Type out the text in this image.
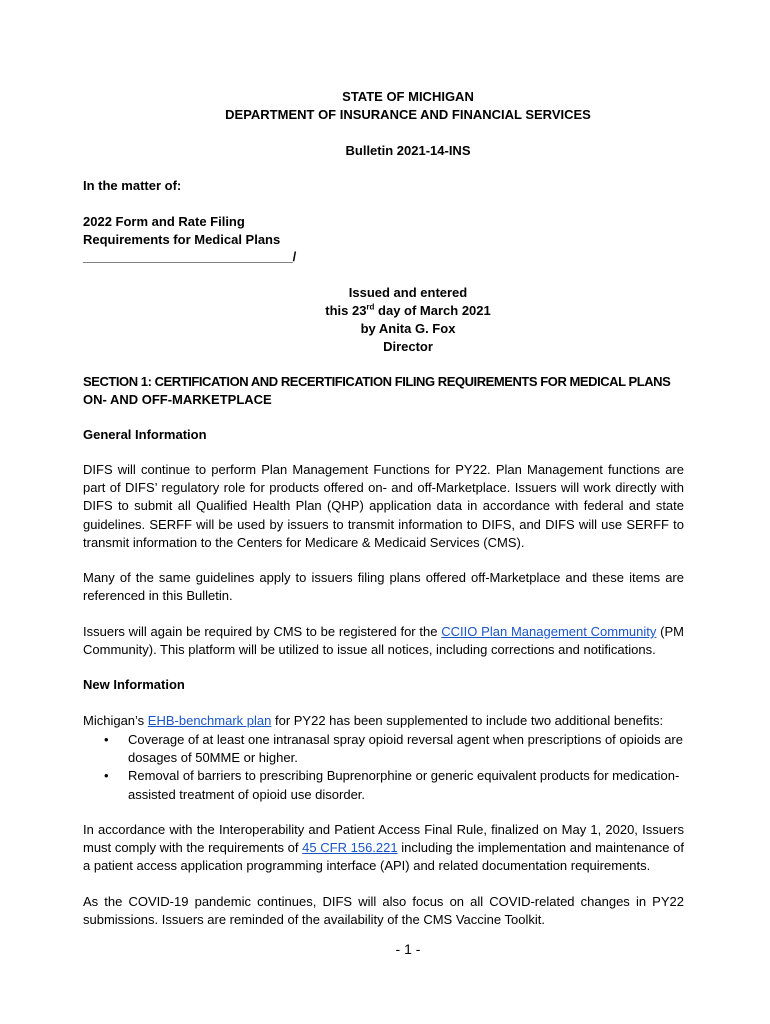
STATE OF MICHIGAN
DEPARTMENT OF INSURANCE AND FINANCIAL SERVICES
Bulletin 2021-14-INS
In the matter of:
2022 Form and Rate Filing
Requirements for Medical Plans
_____________________________/
Issued and entered
this 23rd day of March 2021
by Anita G. Fox
Director
SECTION 1: CERTIFICATION AND RECERTIFICATION FILING REQUIREMENTS FOR MEDICAL PLANS
ON- AND OFF-MARKETPLACE
General Information

DIFS will continue to perform Plan Management Functions for PY22. Plan Management functions are part of DIFS’ regulatory role for products offered on- and off-Marketplace. Issuers will work directly with DIFS to submit all Qualified Health Plan (QHP) application data in accordance with federal and state guidelines. SERFF will be used by issuers to transmit information to DIFS, and DIFS will use SERFF to transmit information to the Centers for Medicare & Medicaid Services (CMS).

Many of the same guidelines apply to issuers filing plans offered off-Marketplace and these items are referenced in this Bulletin.

Issuers will again be required by CMS to be registered for the CCIIO Plan Management Community (PM Community). This platform will be utilized to issue all notices, including corrections and notifications.

New Information

Michigan’s EHB-benchmark plan for PY22 has been supplemented to include two additional benefits:

• Coverage of at least one intranasal spray opioid reversal agent when prescriptions of opioids are dosages of 50MME or higher.
• Removal of barriers to prescribing Buprenorphine or generic equivalent products for medication-assisted treatment of opioid use disorder.

In accordance with the Interoperability and Patient Access Final Rule, finalized on May 1, 2020, Issuers must comply with the requirements of 45 CFR 156.221 including the implementation and maintenance of a patient access application programming interface (API) and related documentation requirements.

As the COVID-19 pandemic continues, DIFS will also focus on all COVID-related changes in PY22 submissions. Issuers are reminded of the availability of the CMS Vaccine Toolkit.

- 1 -
